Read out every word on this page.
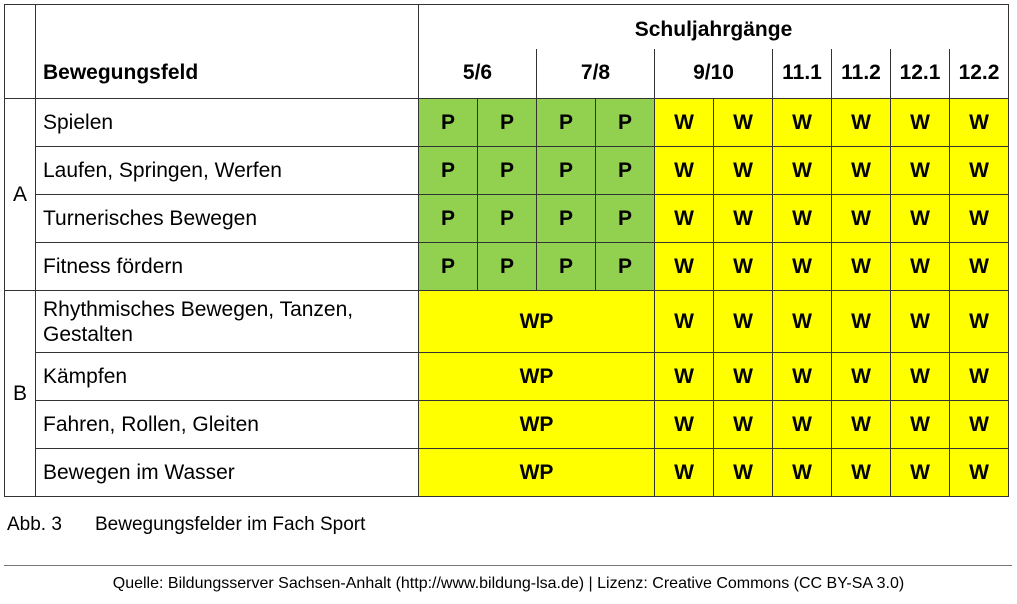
	Bewegungsfeld	Schuljahrgänge									
		5/6		7/8		9/10		11.1	11.2	12.1	12.2
A	Spielen	P	P	P	P	W	W	W	W	W	W
	Laufen, Springen, Werfen	P	P	P	P	W	W	W	W	W	W
	Turnerisches Bewegen	P	P	P	P	W	W	W	W	W	W
	Fitness fördern	P	P	P	P	W	W	W	W	W	W
B	Rhythmisches Bewegen, Tanzen,
Gestalten	WP				W	W	W	W	W	W
	Kämpfen	WP				W	W	W	W	W	W
	Fahren, Rollen, Gleiten	WP				W	W	W	W	W	W
	Bewegen im Wasser	WP				W	W	W	W	W	W
Abb. 3 Bewegungsfelder im Fach Sport
Quelle: Bildungsserver Sachsen-Anhalt (http://www.bildung-lsa.de) | Lizenz: Creative Commons (CC BY-SA 3.0)
